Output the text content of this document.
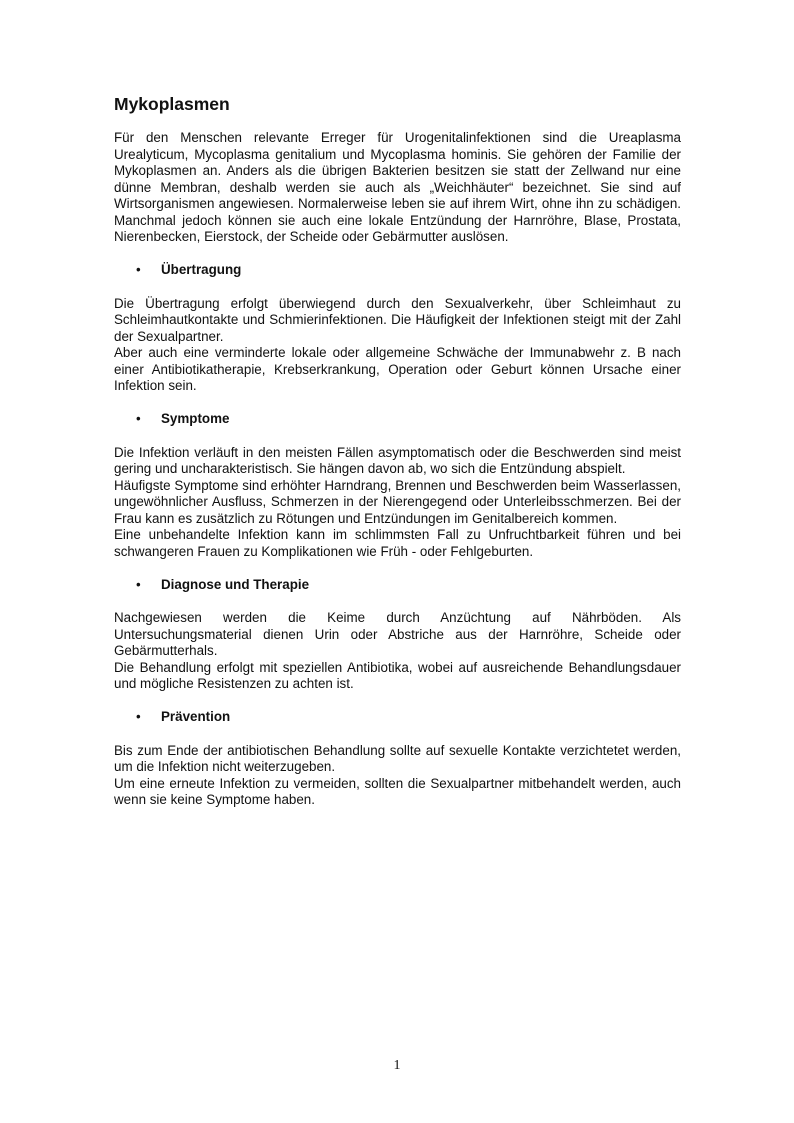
Mykoplasmen

Für den Menschen relevante Erreger für Urogenitalinfektionen sind die Ureaplasma Urealyticum, Mycoplasma genitalium und Mycoplasma hominis. Sie gehören der Familie der Mykoplasmen an. Anders als die übrigen Bakterien besitzen sie statt der Zellwand nur eine dünne Membran, deshalb werden sie auch als „Weichhäuter“ bezeichnet. Sie sind auf Wirtsorganismen angewiesen. Normalerweise leben sie auf ihrem Wirt, ohne ihn zu schädigen. Manchmal jedoch können sie auch eine lokale Entzündung der Harnröhre, Blase, Prostata, Nierenbecken, Eierstock, der Scheide oder Gebärmutter auslösen.

•	Übertragung

Die Übertragung erfolgt überwiegend durch den Sexualverkehr, über Schleimhaut zu Schleimhautkontakte und Schmierinfektionen. Die Häufigkeit der Infektionen steigt mit der Zahl der Sexualpartner.

Aber auch eine verminderte lokale oder allgemeine Schwäche der Immunabwehr z. B nach einer Antibiotikatherapie, Krebserkrankung, Operation oder Geburt können Ursache einer Infektion sein.

•	Symptome

Die Infektion verläuft in den meisten Fällen asymptomatisch oder die Beschwerden sind meist gering und uncharakteristisch. Sie hängen davon ab, wo sich die Entzündung abspielt.

Häufigste Symptome sind erhöhter Harndrang, Brennen und Beschwerden beim Wasserlassen, ungewöhnlicher Ausfluss, Schmerzen in der Nierengegend oder Unterleibsschmerzen. Bei der Frau kann es zusätzlich zu Rötungen und Entzündungen im Genitalbereich kommen.

Eine unbehandelte Infektion kann im schlimmsten Fall zu Unfruchtbarkeit führen und bei schwangeren Frauen zu Komplikationen wie Früh - oder Fehlgeburten.

•	Diagnose und Therapie

Nachgewiesen werden die Keime durch Anzüchtung auf Nährböden. Als Untersuchungsmaterial dienen Urin oder Abstriche aus der Harnröhre, Scheide oder Gebärmutterhals.

Die Behandlung erfolgt mit speziellen Antibiotika, wobei auf ausreichende Behandlungsdauer und mögliche Resistenzen zu achten ist.

•	Prävention

Bis zum Ende der antibiotischen Behandlung sollte auf sexuelle Kontakte verzichtetet werden, um die Infektion nicht weiterzugeben.

Um eine erneute Infektion zu vermeiden, sollten die Sexualpartner mitbehandelt werden, auch wenn sie keine Symptome haben.

1
